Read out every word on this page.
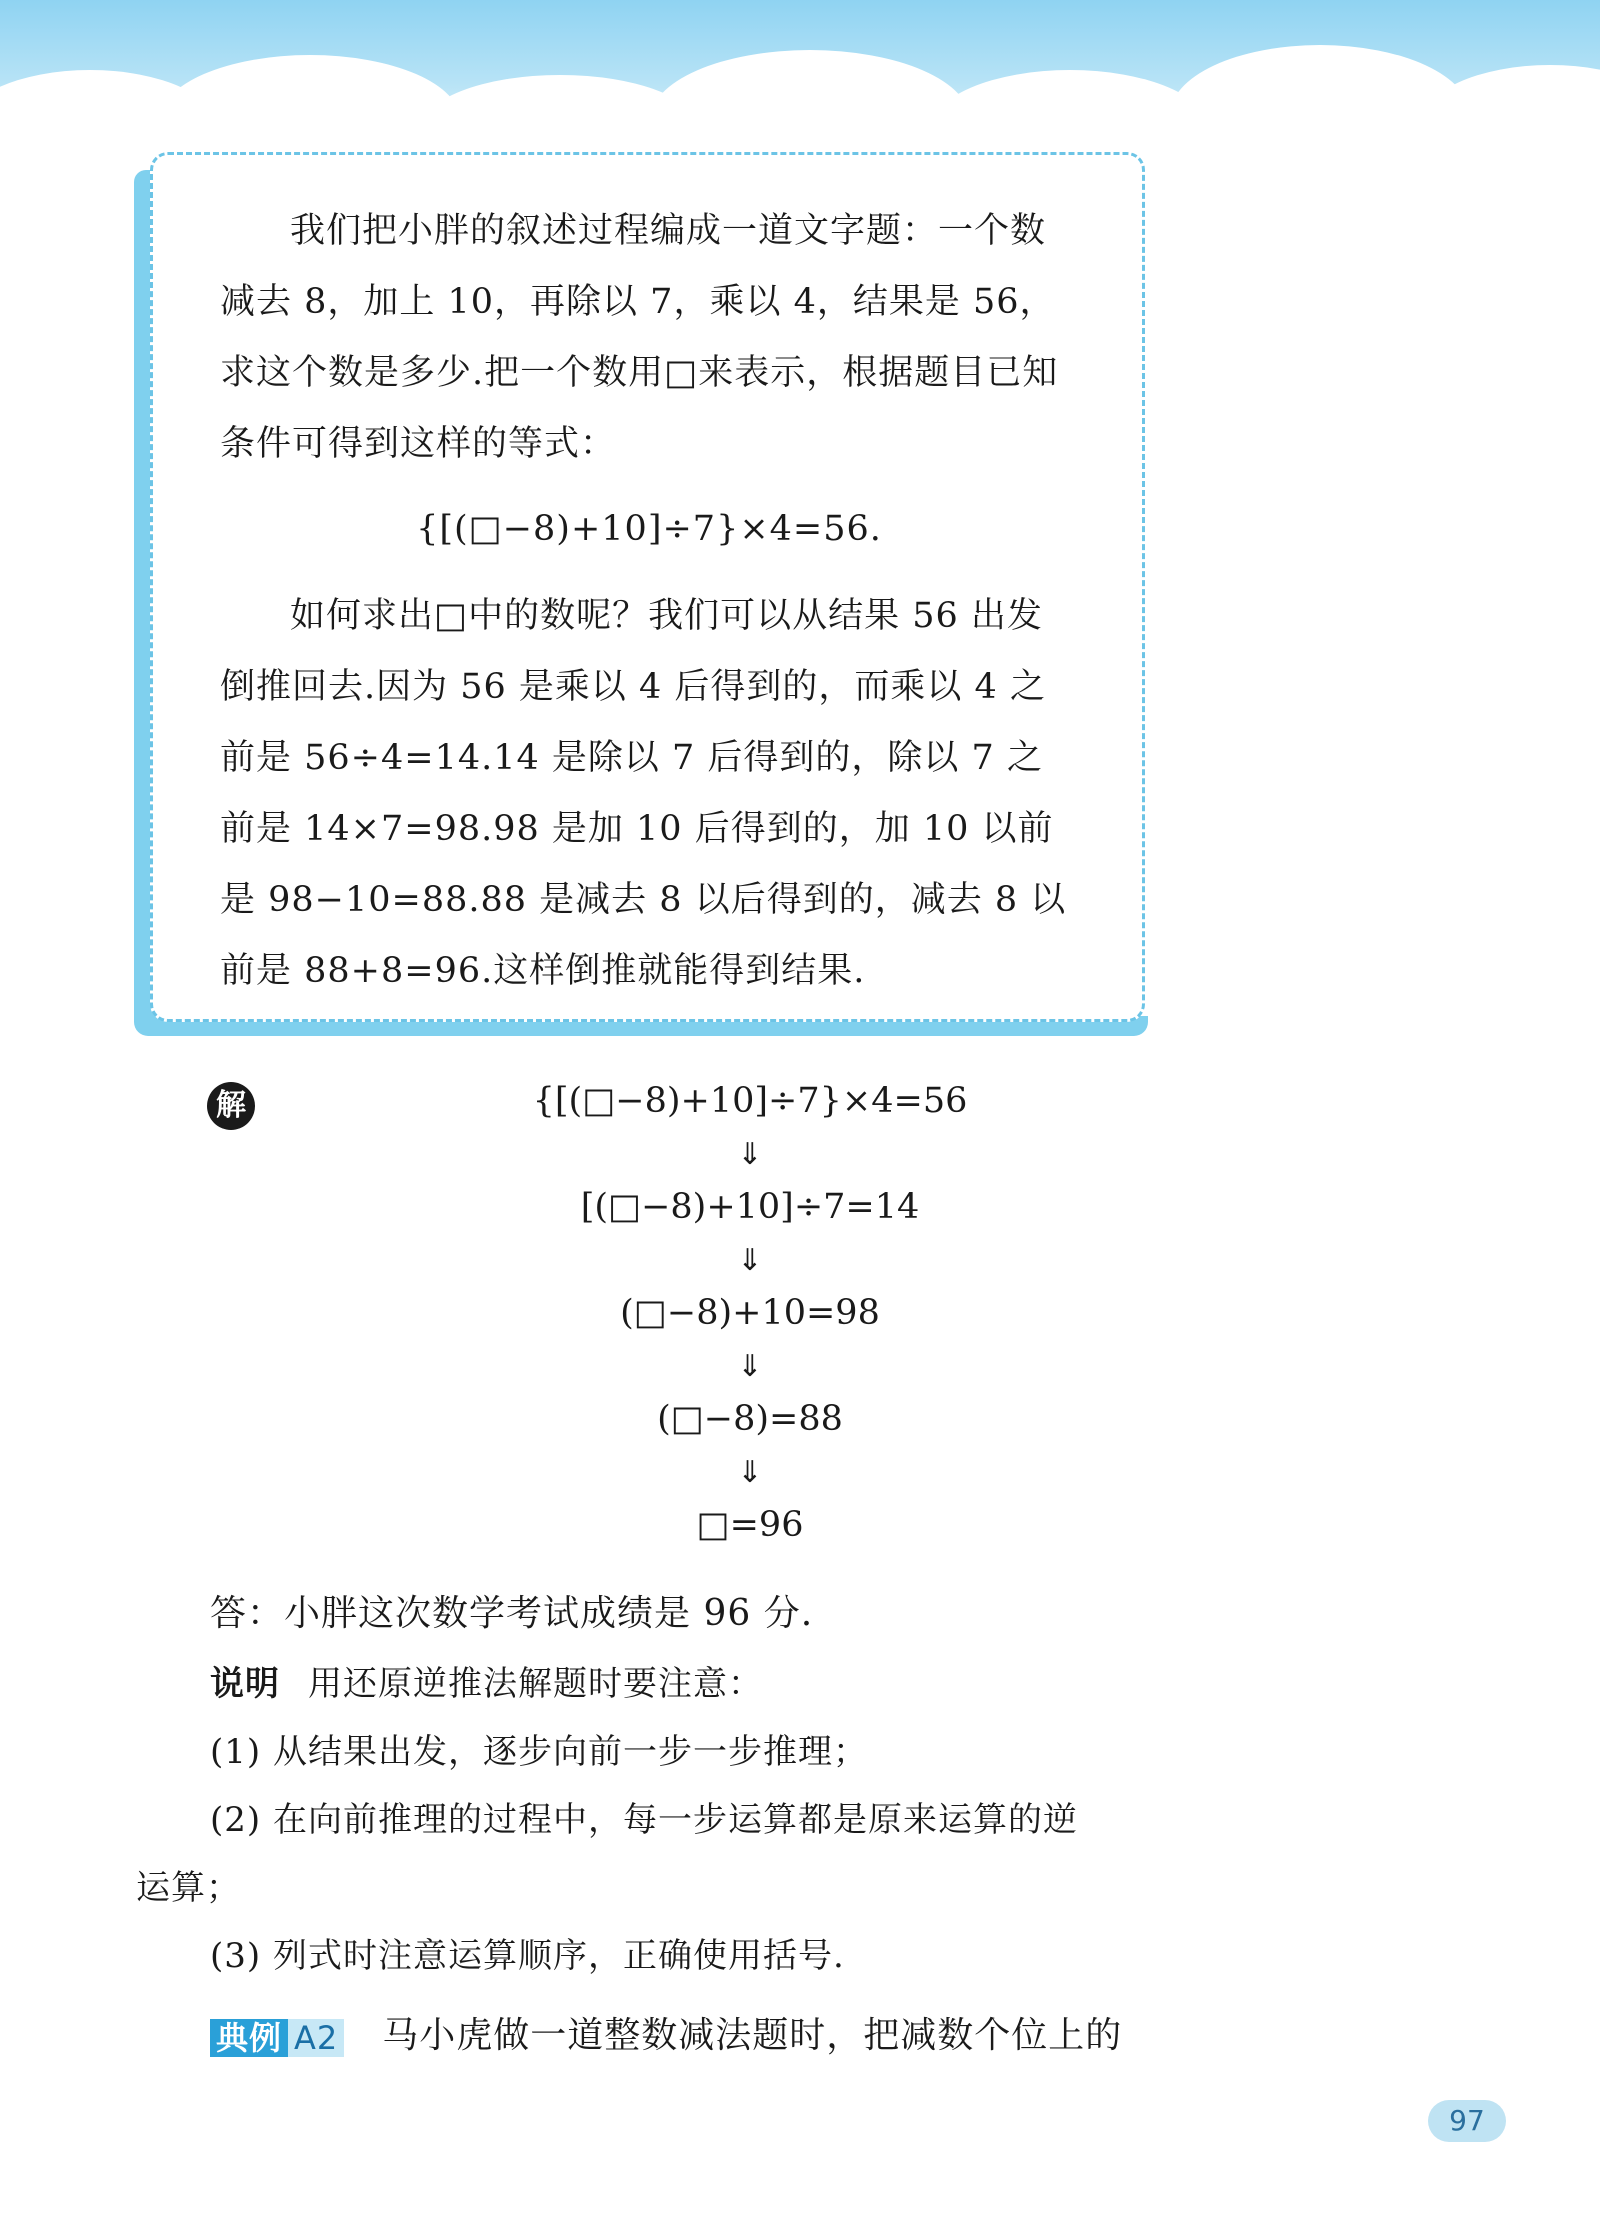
我们把小胖的叙述过程编成一道文字题：一个数减去 8，加上 10，再除以 7，乘以 4，结果是 56，求这个数是多少.把一个数用□来表示，根据题目已知条件可得到这样的等式：

{[(□−8)+10]÷7}×4=56.

如何求出□中的数呢？我们可以从结果 56 出发倒推回去.因为 56 是乘以 4 后得到的，而乘以 4 之前是 56÷4=14.14 是除以 7 后得到的，除以 7 之前是 14×7=98.98 是加 10 后得到的，加 10 以前是 98−10=88.88 是减去 8 以后得到的，减去 8 以前是 88+8=96.这样倒推就能得到结果.

解	{[(□−8)+10]÷7}×4=56
⇓
[(□−8)+10]÷7=14
⇓
(□−8)+10=98
⇓
(□−8)=88
⇓
□=96
答：小胖这次数学考试成绩是 96 分.

说明 用还原逆推法解题时要注意：

(1) 从结果出发，逐步向前一步一步推理；

(2) 在向前推理的过程中，每一步运算都是原来运算的逆

运算；

(3) 列式时注意运算顺序，正确使用括号.

典例 A2 马小虎做一道整数减法题时，把减数个位上的
97
